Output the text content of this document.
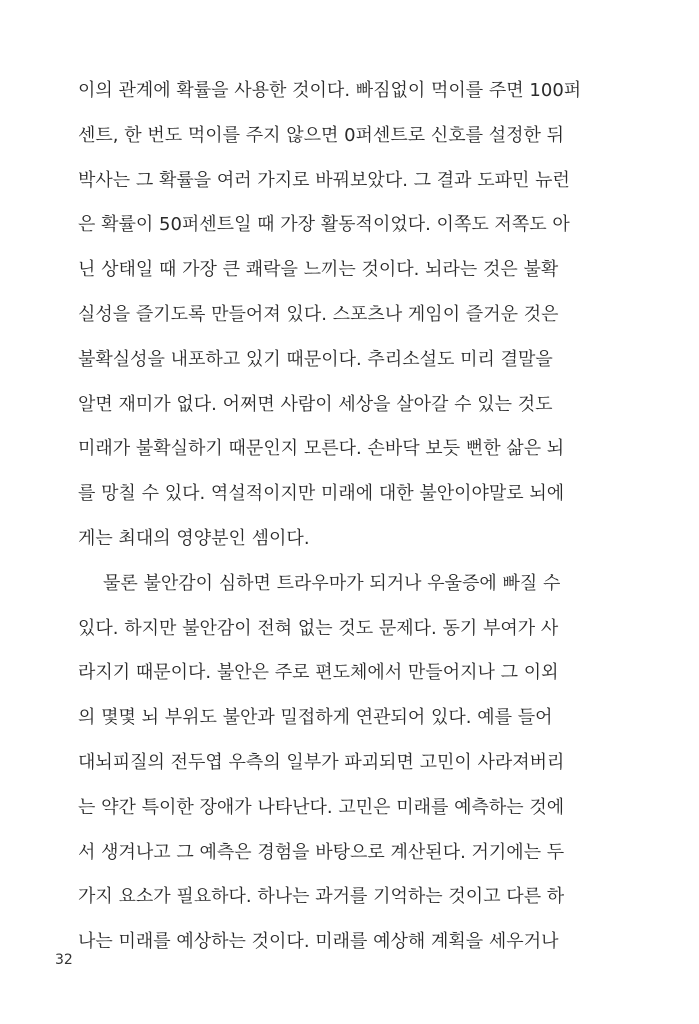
이의 관계에 확률을 사용한 것이다. 빠짐없이 먹이를 주면 100퍼
센트, 한 번도 먹이를 주지 않으면 0퍼센트로 신호를 설정한 뒤
박사는 그 확률을 여러 가지로 바꿔보았다. 그 결과 도파민 뉴런
은 확률이 50퍼센트일 때 가장 활동적이었다. 이쪽도 저쪽도 아
닌 상태일 때 가장 큰 쾌락을 느끼는 것이다. 뇌라는 것은 불확
실성을 즐기도록 만들어져 있다. 스포츠나 게임이 즐거운 것은
불확실성을 내포하고 있기 때문이다. 추리소설도 미리 결말을
알면 재미가 없다. 어쩌면 사람이 세상을 살아갈 수 있는 것도
미래가 불확실하기 때문인지 모른다. 손바닥 보듯 뻔한 삶은 뇌
를 망칠 수 있다. 역설적이지만 미래에 대한 불안이야말로 뇌에
게는 최대의 영양분인 셈이다.
물론 불안감이 심하면 트라우마가 되거나 우울증에 빠질 수
있다. 하지만 불안감이 전혀 없는 것도 문제다. 동기 부여가 사
라지기 때문이다. 불안은 주로 편도체에서 만들어지나 그 이외
의 몇몇 뇌 부위도 불안과 밀접하게 연관되어 있다. 예를 들어
대뇌피질의 전두엽 우측의 일부가 파괴되면 고민이 사라져버리
는 약간 특이한 장애가 나타난다. 고민은 미래를 예측하는 것에
서 생겨나고 그 예측은 경험을 바탕으로 계산된다. 거기에는 두
가지 요소가 필요하다. 하나는 과거를 기억하는 것이고 다른 하
나는 미래를 예상하는 것이다. 미래를 예상해 계획을 세우거나
32
